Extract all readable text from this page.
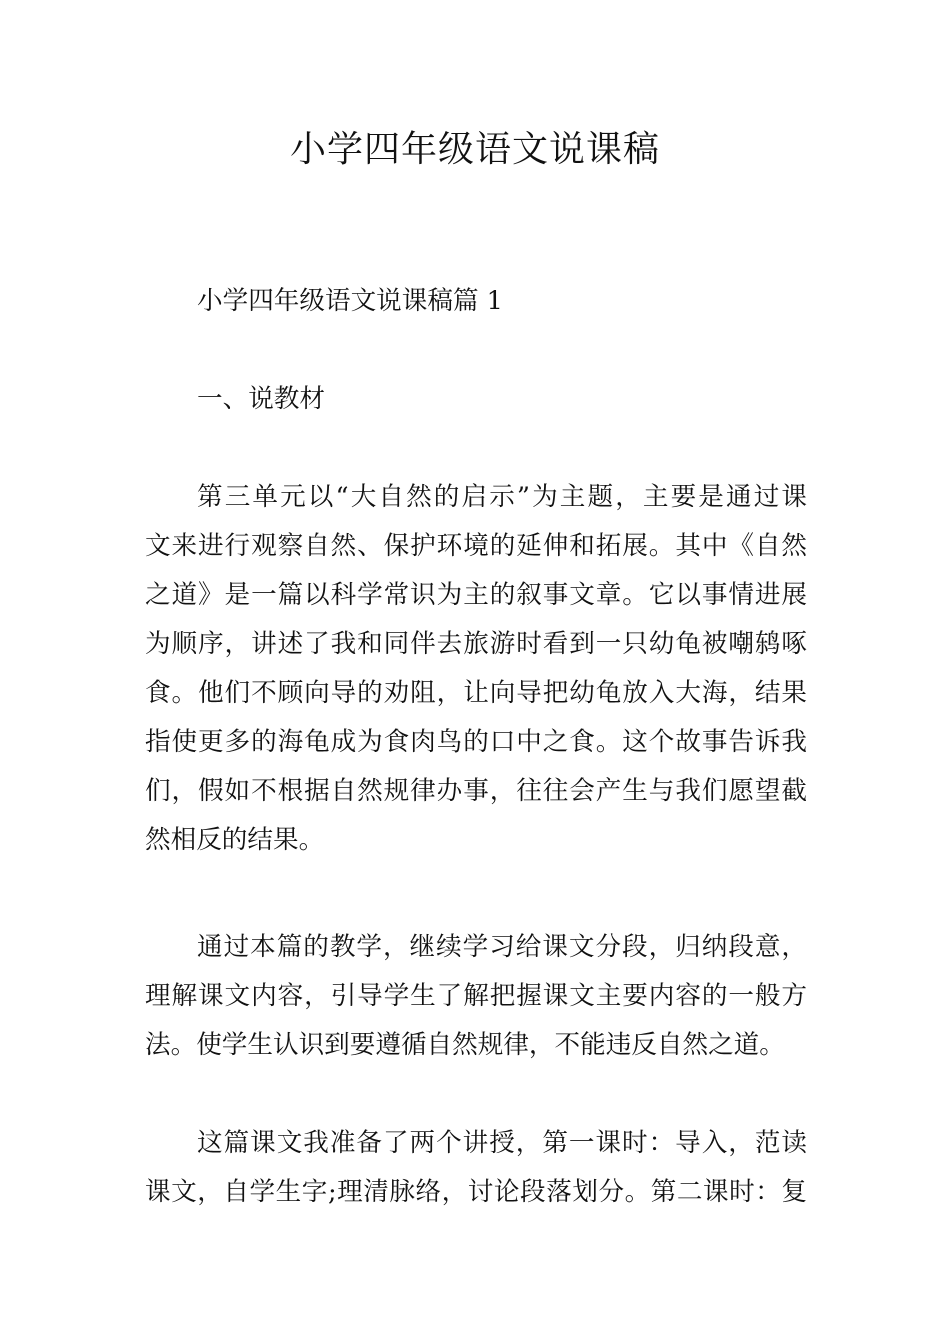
小学四年级语文说课稿
小学四年级语文说课稿篇 1
一、说教材
第三单元以“大自然的启示”为主题，主要是通过课
文来进行观察自然、保护环境的延伸和拓展。其中《自然
之道》是一篇以科学常识为主的叙事文章。它以事情进展
为顺序，讲述了我和同伴去旅游时看到一只幼龟被嘲鸫啄
食。他们不顾向导的劝阻，让向导把幼龟放入大海，结果
指使更多的海龟成为食肉鸟的口中之食。这个故事告诉我
们，假如不根据自然规律办事，往往会产生与我们愿望截
然相反的结果。
通过本篇的教学，继续学习给课文分段，归纳段意，
理解课文内容，引导学生了解把握课文主要内容的一般方
法。使学生认识到要遵循自然规律，不能违反自然之道。
这篇课文我准备了两个讲授，第一课时：导入，范读
课文，自学生字;理清脉络，讨论段落划分。第二课时：复
